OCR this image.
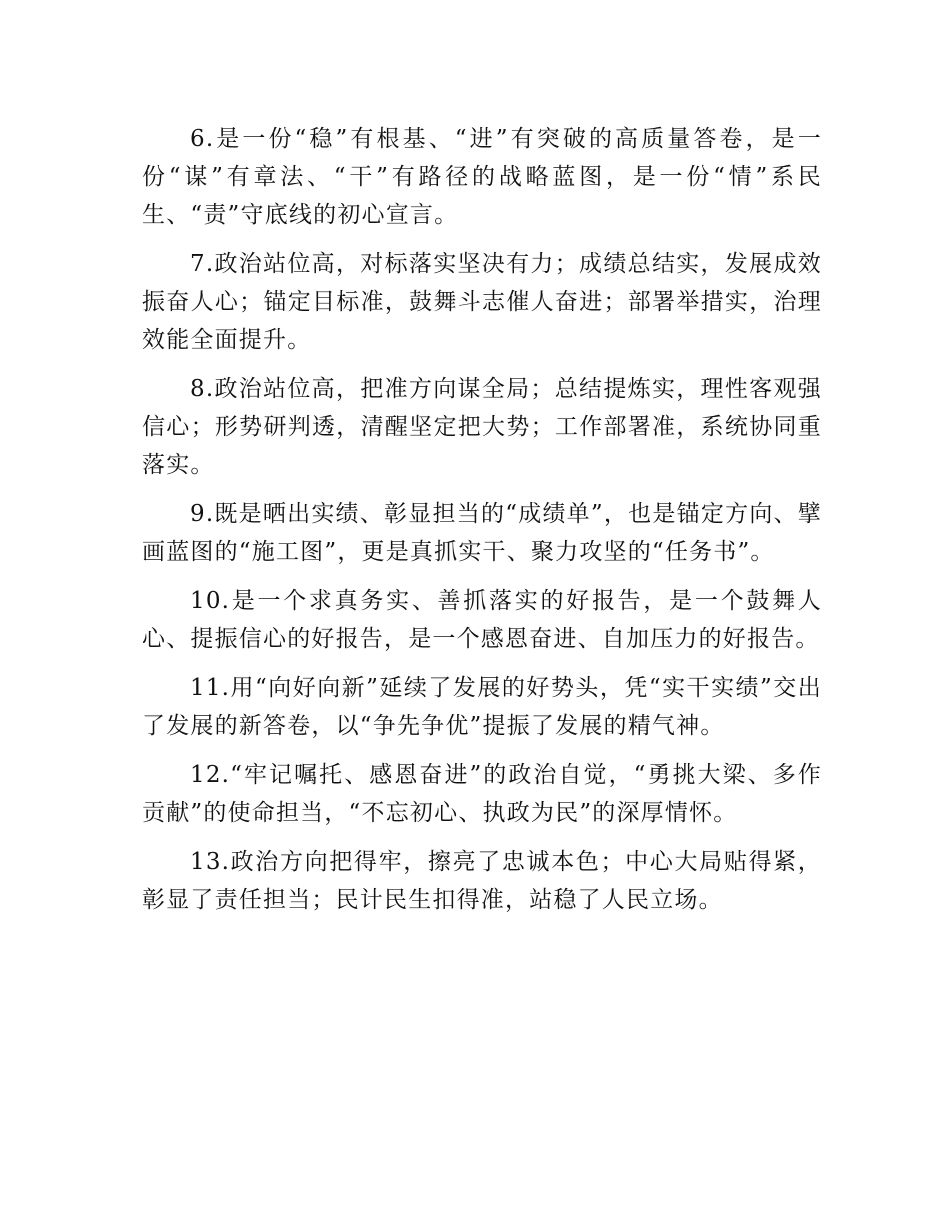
6.是一份“稳”有根基、“进”有突破的高质量答卷，是一份“谋”有章法、“干”有路径的战略蓝图，是一份“情”系民生、“责”守底线的初心宣言。

7.政治站位高，对标落实坚决有力；成绩总结实，发展成效振奋人心；锚定目标准，鼓舞斗志催人奋进；部署举措实，治理效能全面提升。

8.政治站位高，把准方向谋全局；总结提炼实，理性客观强信心；形势研判透，清醒坚定把大势；工作部署准，系统协同重落实。

9.既是晒出实绩、彰显担当的“成绩单”，也是锚定方向、擘画蓝图的“施工图”，更是真抓实干、聚力攻坚的“任务书”。

10.是一个求真务实、善抓落实的好报告，是一个鼓舞人心、提振信心的好报告，是一个感恩奋进、自加压力的好报告。

11.用“向好向新”延续了发展的好势头，凭“实干实绩”交出了发展的新答卷，以“争先争优”提振了发展的精气神。

12.“牢记嘱托、感恩奋进”的政治自觉，“勇挑大梁、多作贡献”的使命担当，“不忘初心、执政为民”的深厚情怀。

13.政治方向把得牢，擦亮了忠诚本色；中心大局贴得紧，彰显了责任担当；民计民生扣得准，站稳了人民立场。
